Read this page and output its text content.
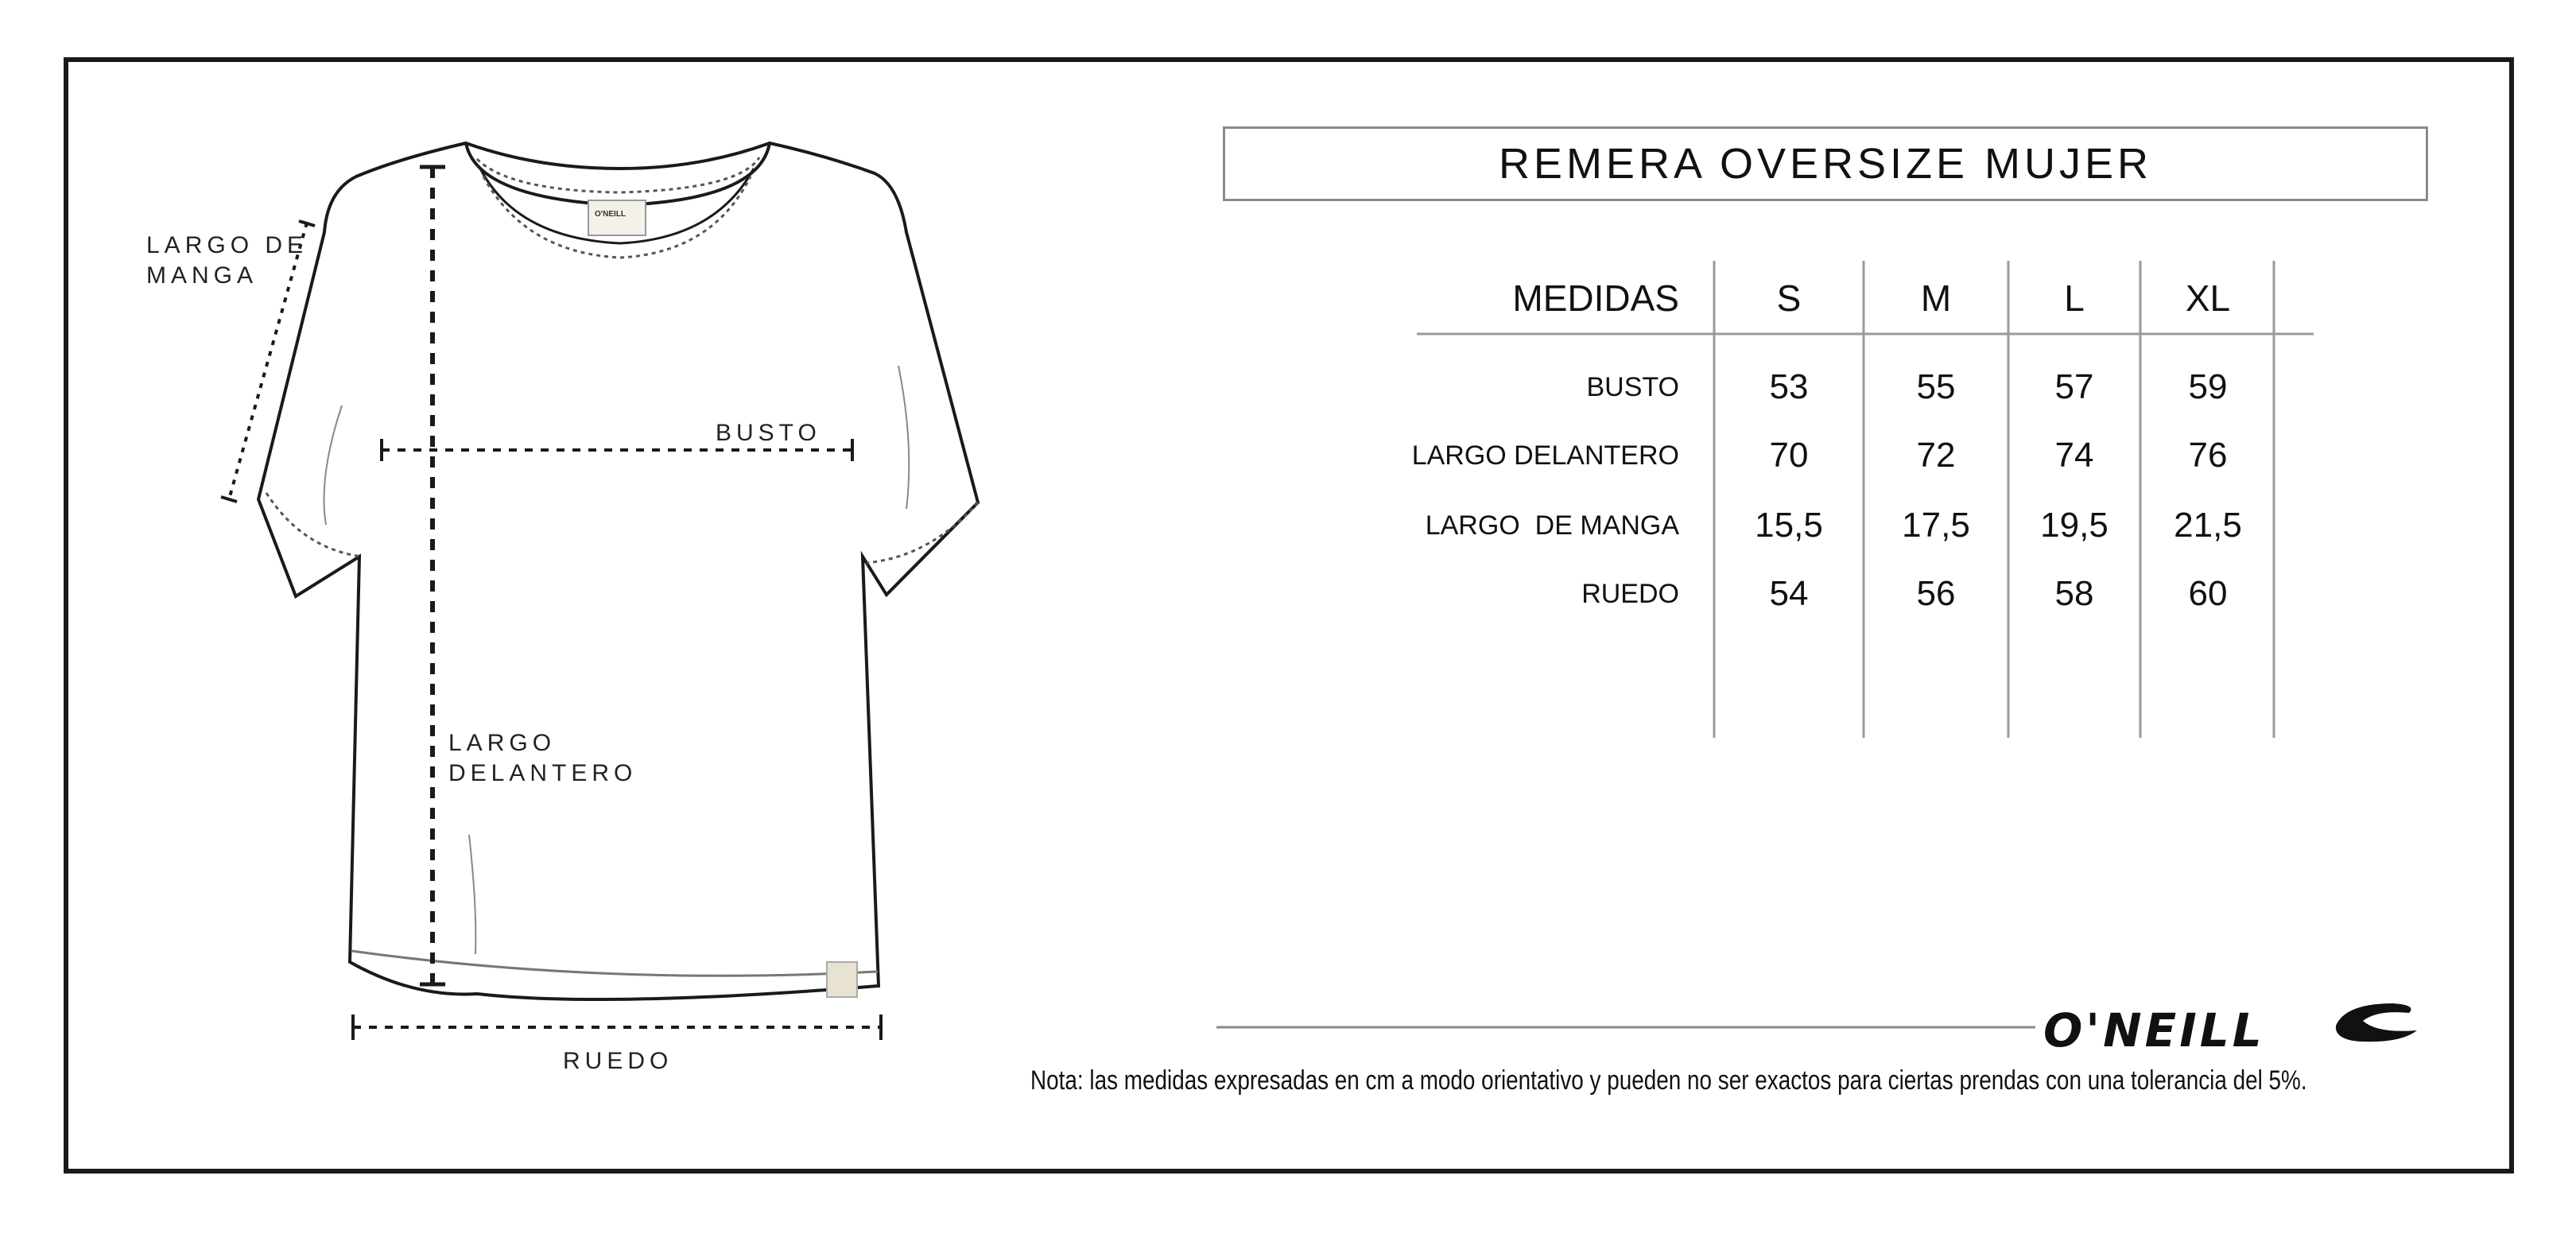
O'NEILL
LARGO DE
MANGA
BUSTO
LARGO
DELANTERO
RUEDO
REMERA OVERSIZE MUJER
MEDIDAS	S	M	L	XL
BUSTO	53	55	57	59
LARGO DELANTERO	70	72	74	76
LARGO  DE MANGA	15,5	17,5	19,5	21,5
RUEDO	54	56	58	60
O'NEILL
Nota: las medidas expresadas en cm a modo orientativo y pueden no ser exactos para ciertas prendas con una tolerancia del 5%.
